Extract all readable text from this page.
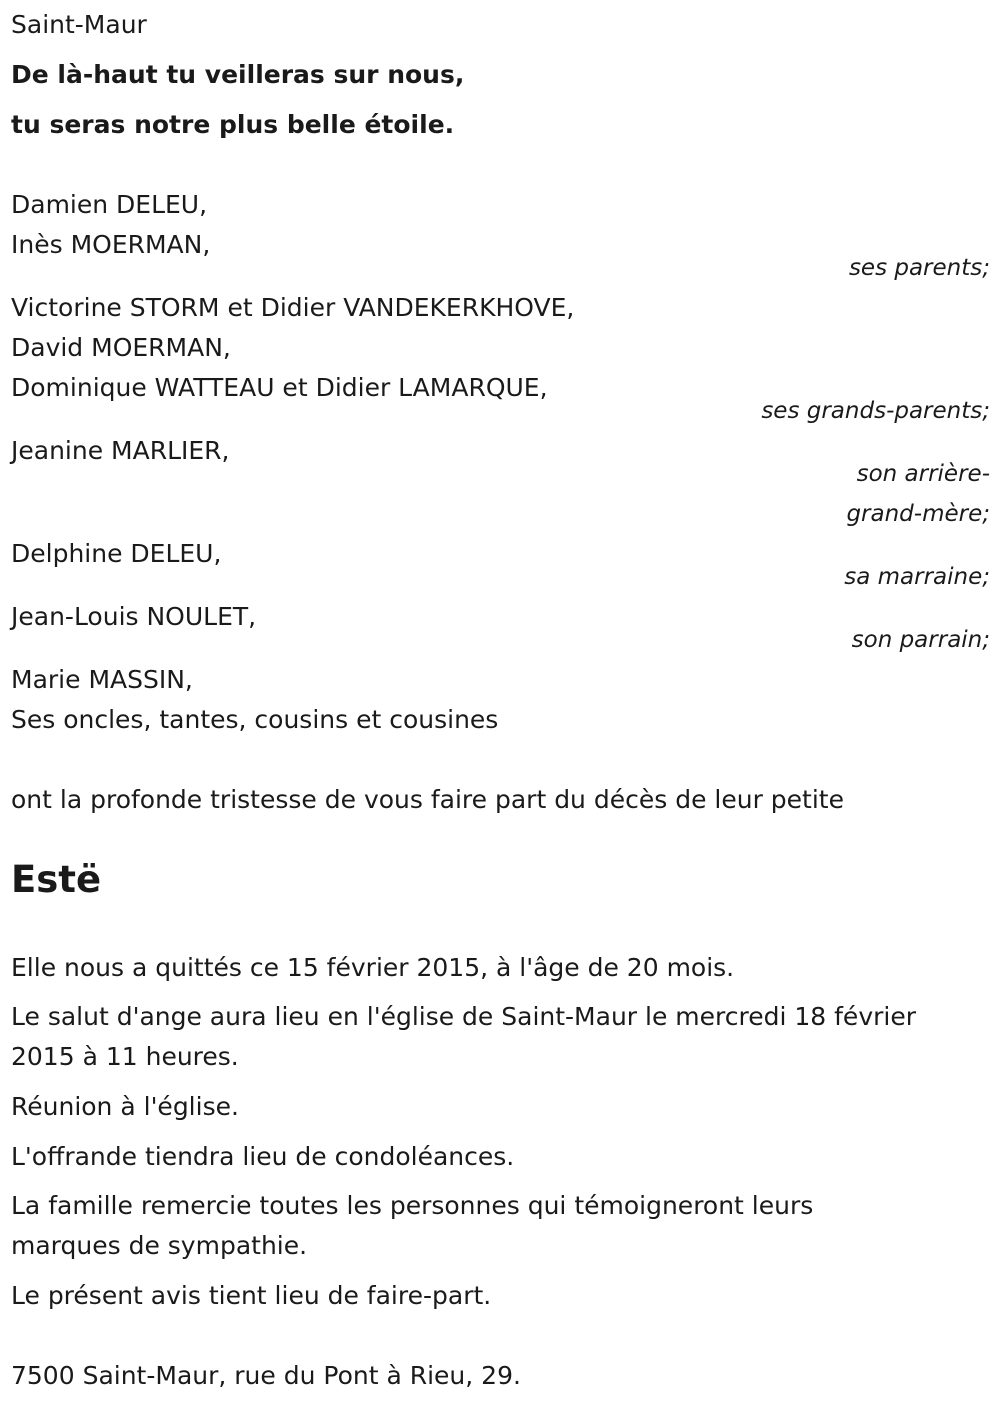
Saint-Maur
De là-haut tu veilleras sur nous,
tu seras notre plus belle étoile.
Damien DELEU,
Inès MOERMAN,
ses parents;
Victorine STORM et Didier VANDEKERKHOVE,
David MOERMAN,
Dominique WATTEAU et Didier LAMARQUE,
ses grands-parents;
Jeanine MARLIER,
son arrière-
grand-mère;
Delphine DELEU,
sa marraine;
Jean-Louis NOULET,
son parrain;
Marie MASSIN,
Ses oncles, tantes, cousins et cousines
ont la profonde tristesse de vous faire part du décès de leur petite
Estë
Elle nous a quittés ce 15 février 2015, à l'âge de 20 mois.
Le salut d'ange aura lieu en l'église de Saint-Maur le mercredi 18 février
2015 à 11 heures.
Réunion à l'église.
L'offrande tiendra lieu de condoléances.
La famille remercie toutes les personnes qui témoigneront leurs
marques de sympathie.
Le présent avis tient lieu de faire-part.
7500 Saint-Maur, rue du Pont à Rieu, 29.
